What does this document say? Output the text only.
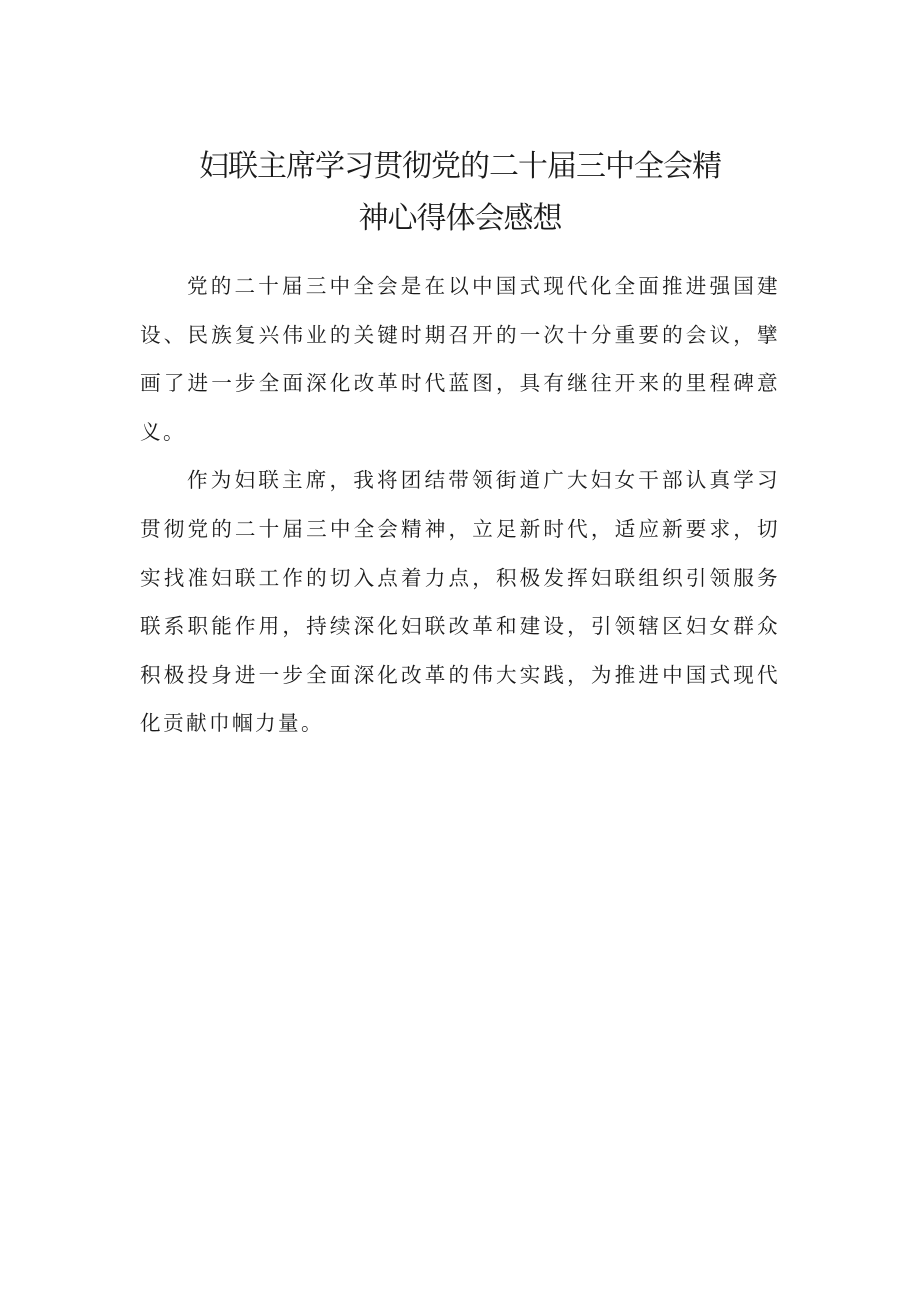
妇联主席学习贯彻党的二十届三中全会精
神心得体会感想

党的二十届三中全会是在以中国式现代化全面推进强国建设、民族复兴伟业的关键时期召开的一次十分重要的会议，擘画了进一步全面深化改革时代蓝图，具有继往开来的里程碑意义。

作为妇联主席，我将团结带领街道广大妇女干部认真学习贯彻党的二十届三中全会精神，立足新时代，适应新要求，切实找准妇联工作的切入点着力点，积极发挥妇联组织引领服务联系职能作用，持续深化妇联改革和建设，引领辖区妇女群众积极投身进一步全面深化改革的伟大实践，为推进中国式现代化贡献巾帼力量。
